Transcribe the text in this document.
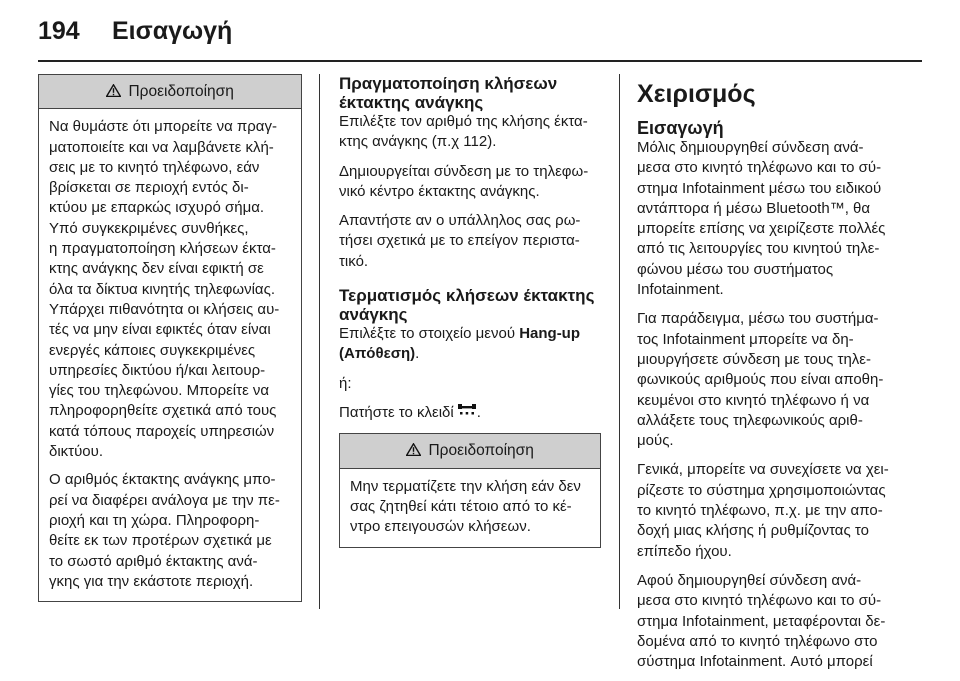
194 Εισαγωγή
Προειδοποίηση

Να θυμάστε ότι μπορείτε να πραγ-
ματοποιείτε και να λαμβάνετε κλή-
σεις με το κινητό τηλέφωνο, εάν
βρίσκεται σε περιοχή εντός δι-
κτύου με επαρκώς ισχυρό σήμα.
Υπό συγκεκριμένες συνθήκες,
η πραγματοποίηση κλήσεων έκτα-
κτης ανάγκης δεν είναι εφικτή σε
όλα τα δίκτυα κινητής τηλεφωνίας.
Υπάρχει πιθανότητα οι κλήσεις αυ-
τές να μην είναι εφικτές όταν είναι
ενεργές κάποιες συγκεκριμένες
υπηρεσίες δικτύου ή/και λειτουρ-
γίες του τηλεφώνου. Μπορείτε να
πληροφορηθείτε σχετικά από τους
κατά τόπους παροχείς υπηρεσιών
δικτύου.

Ο αριθμός έκτακτης ανάγκης μπο-
ρεί να διαφέρει ανάλογα με την πε-
ριοχή και τη χώρα. Πληροφορη-
θείτε εκ των προτέρων σχετικά με
το σωστό αριθμό έκτακτης ανά-
γκης για την εκάστοτε περιοχή.

Πραγματοποίηση κλήσεων
έκτακτης ανάγκης

Επιλέξτε τον αριθμό της κλήσης έκτα-
κτης ανάγκης (π.χ 112).

Δημιουργείται σύνδεση με το τηλεφω-
νικό κέντρο έκτακτης ανάγκης.

Απαντήστε αν ο υπάλληλος σας ρω-
τήσει σχετικά με το επείγον περιστα-
τικό.

Τερματισμός κλήσεων έκτακτης
ανάγκης

Επιλέξτε το στοιχείο μενού Hang-up
(Απόθεση).

ή:

Πατήστε το κλειδί .

Προειδοποίηση

Μην τερματίζετε την κλήση εάν δεν
σας ζητηθεί κάτι τέτοιο από το κέ-
ντρο επειγουσών κλήσεων.

Χειρισμός
Εισαγωγή

Μόλις δημιουργηθεί σύνδεση ανά-
μεσα στο κινητό τηλέφωνο και το σύ-
στημα Infotainment μέσω του ειδικού
αντάπτορα ή μέσω Bluetooth™, θα
μπορείτε επίσης να χειρίζεστε πολλές
από τις λειτουργίες του κινητού τηλε-
φώνου μέσω του συστήματος
Infotainment.

Για παράδειγμα, μέσω του συστήμα-
τος Infotainment μπορείτε να δη-
μιουργήσετε σύνδεση με τους τηλε-
φωνικούς αριθμούς που είναι αποθη-
κευμένοι στο κινητό τηλέφωνο ή να
αλλάξετε τους τηλεφωνικούς αριθ-
μούς.

Γενικά, μπορείτε να συνεχίσετε να χει-
ρίζεστε το σύστημα χρησιμοποιώντας
το κινητό τηλέφωνο, π.χ. με την απο-
δοχή μιας κλήσης ή ρυθμίζοντας το
επίπεδο ήχου.

Αφού δημιουργηθεί σύνδεση ανά-
μεσα στο κινητό τηλέφωνο και το σύ-
στημα Infotainment, μεταφέρονται δε-
δομένα από το κινητό τηλέφωνο στο
σύστημα Infotainment. Αυτό μπορεί
